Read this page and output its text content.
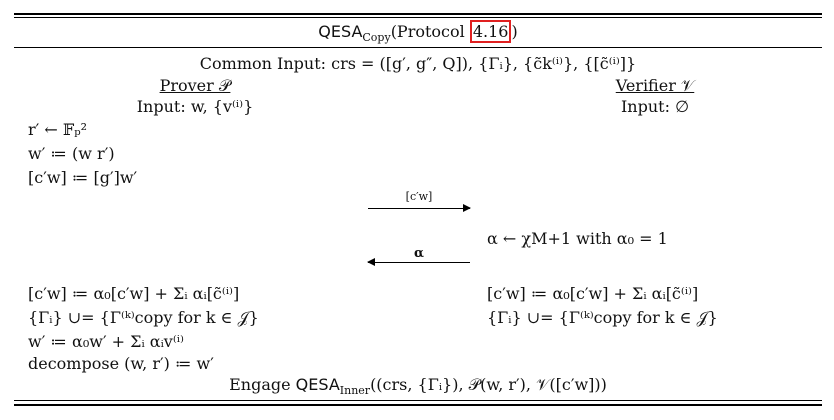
$QESA_{Copy}(Protocol$ 4.16 )
Common Input: crs = ([g′, g″, Q]), {Γᵢ}, {c̃k⁽ⁱ⁾}, {[c̃⁽ⁱ⁾]}
Prover 𝒫
Input: w, {v⁽ⁱ⁾}
Verifier 𝒱
Input: ∅
r′ ← 𝔽ₚ²
w′ ≔ (w r′)
[c′w] ≔ [g′]w′
[c′w]
α ← χM+1 with α₀ = 1
α
[c′w] ≔ α₀[c′w] + Σᵢ αᵢ[c̃⁽ⁱ⁾]
{Γᵢ} ∪= {Γ⁽ᵏ⁾copy for k ∈ 𝒥}
w′ ≔ α₀w′ + Σᵢ αᵢv⁽ⁱ⁾
decompose (w, r′) ≔ w′
[c′w] ≔ α₀[c′w] + Σᵢ αᵢ[c̃⁽ⁱ⁾]
{Γᵢ} ∪= {Γ⁽ᵏ⁾copy for k ∈ 𝒥}
Engage $QESA_{Inner}((crs$, {Γᵢ}), 𝒫(w, r′), 𝒱([c′w]))
